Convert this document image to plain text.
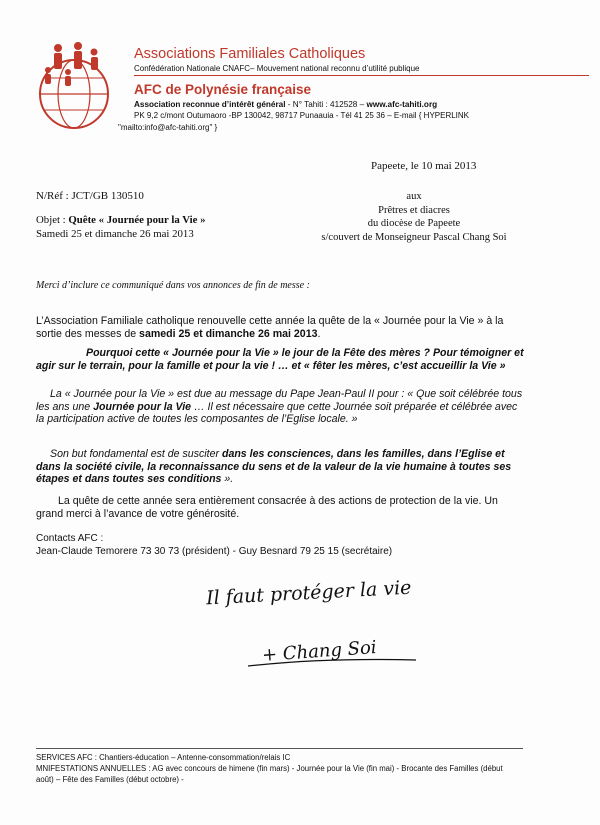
Associations Familiales Catholiques
Confédération Nationale CNAFC– Mouvement national reconnu d’utilité publique
AFC de Polynésie française
Association reconnue d’intérêt général - N° Tahiti : 412528 – www.afc-tahiti.org
PK 9,2 c/mont Outumaoro -BP 130042, 98717 Punaauia - Tél 41 25 36 – E-mail { HYPERLINK
"mailto:info@afc-tahiti.org" }
Papeete, le 10 mai 2013
N/Réf : JCT/GB 130510	aux
Prêtres et diacres
du diocèse de Papeete
s/couvert de Monseigneur Pascal Chang Soi
Objet : Quête « Journée pour la Vie »
Samedi 25 et dimanche 26 mai 2013
Merci d’inclure ce communiqué dans vos annonces de fin de messe :
L’Association Familiale catholique renouvelle cette année la quête de la « Journée pour la Vie » à la sortie des messes de samedi 25 et dimanche 26 mai 2013.
Pourquoi cette « Journée pour la Vie » le jour de la Fête des mères ? Pour témoigner et agir sur le terrain, pour la famille et pour la vie ! … et « fêter les mères, c’est accueillir la Vie »
La « Journée pour la Vie » est due au message du Pape Jean-Paul II pour : « Que soit célébrée tous les ans une Journée pour la Vie … Il est nécessaire que cette Journée soit préparée et célébrée avec la participation active de toutes les composantes de l’Eglise locale. »
Son but fondamental est de susciter dans les consciences, dans les familles, dans l’Eglise et dans la société civile, la reconnaissance du sens et de la valeur de la vie humaine à toutes ses étapes et dans toutes ses conditions ».
La quête de cette année sera entièrement consacrée à des actions de protection de la vie. Un grand merci à l’avance de votre générosité.
Contacts AFC :
Jean-Claude Temorere 73 30 73 (président) - Guy Besnard 79 25 15 (secrétaire)
Il faut protéger la vie
+ Chang Soi
SERVICES AFC : Chantiers-éducation – Antenne-consommation/relais IC
MNIFESTATIONS ANNUELLES : AG avec concours de himene (fin mars) - Journée pour la Vie (fin mai) - Brocante des Familles (début août) – Fête des Familles (début octobre) -
